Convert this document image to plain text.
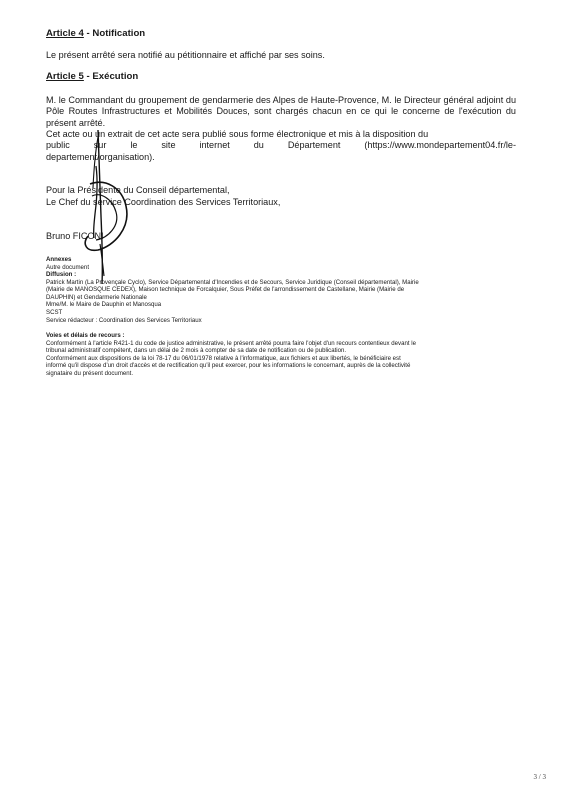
Article 4 - Notification
Le présent arrêté sera notifié au pétitionnaire et affiché par ses soins.
Article 5 - Exécution
M. le Commandant du groupement de gendarmerie des Alpes de Haute-Provence, M. le Directeur général adjoint du Pôle Routes Infrastructures et Mobilités Douces, sont chargés chacun en ce qui le concerne de l'exécution du présent arrêté.
Cet acte ou un extrait de cet acte sera publié sous forme électronique et mis à la disposition du
public	sur	le	site	internet	du	Département	(https://www.mondepartement04.fr/le-
departement/organisation).
Pour la Présidente du Conseil départemental,
Le Chef du service Coordination des Services Territoriaux,
Bruno FICONI
Annexes
Autre document
Diffusion :
Patrick Martin (La Provençale Cyclo), Service Départemental d'Incendies et de Secours, Service Juridique (Conseil départemental), Mairie
(Mairie de MANOSQUE CEDEX), Maison technique de Forcalquier, Sous Préfet de l'arrondissement de Castellane, Mairie (Mairie de
DAUPHIN) et Gendarmerie Nationale
Mme/M. le Maire de Dauphin et Manosqua
SCST
Service rédacteur : Coordination des Services Territoriaux
Voies et délais de recours :
Conformément à l'article R421-1 du code de justice administrative, le présent arrêté pourra faire l'objet d'un recours contentieux devant le
tribunal administratif compétent, dans un délai de 2 mois à compter de sa date de notification ou de publication.
Conformément aux dispositions de la loi 78-17 du 06/01/1978 relative à l'informatique, aux fichiers et aux libertés, le bénéficiaire est
informé qu'il dispose d'un droit d'accès et de rectification qu'il peut exercer, pour les informations le concernant, auprès de la collectivité
signataire du présent document.
3 / 3
